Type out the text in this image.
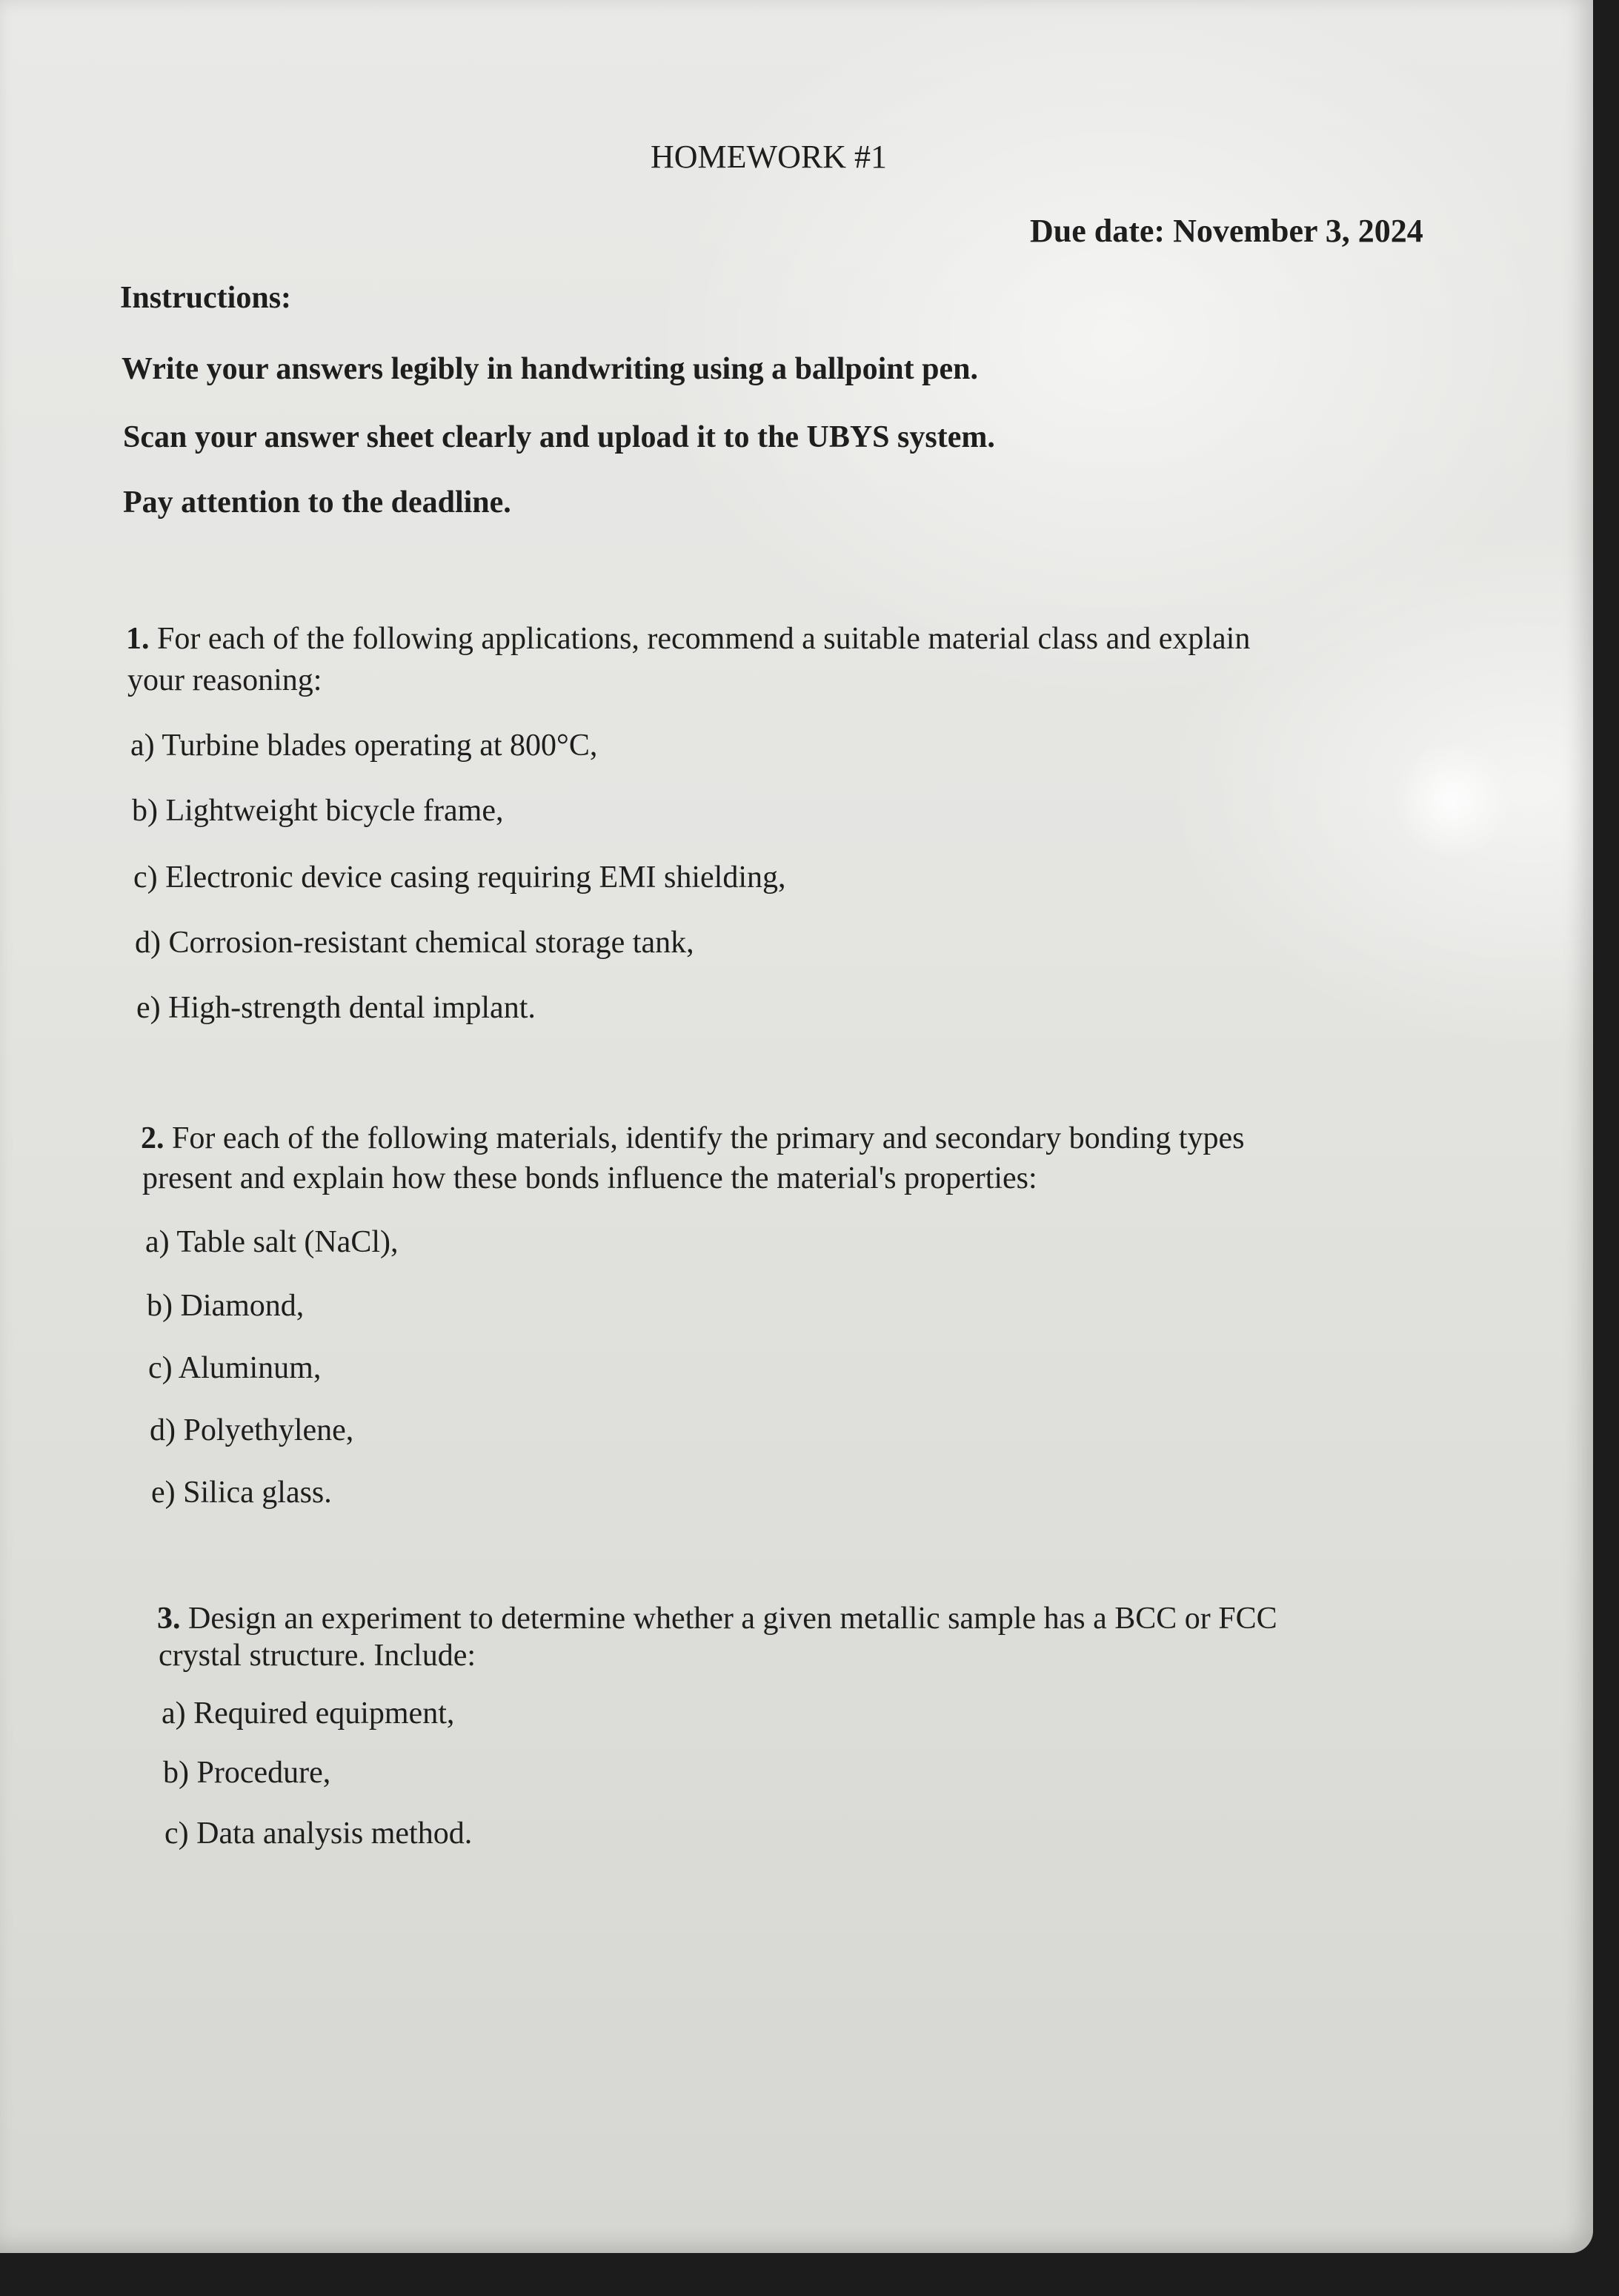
HOMEWORK #1
Due date: November 3, 2024
Instructions:
Write your answers legibly in handwriting using a ballpoint pen.
Scan your answer sheet clearly and upload it to the UBYS system.
Pay attention to the deadline.
1. For each of the following applications, recommend a suitable material class and explain
your reasoning:
a) Turbine blades operating at 800°C,
b) Lightweight bicycle frame,
c) Electronic device casing requiring EMI shielding,
d) Corrosion-resistant chemical storage tank,
e) High-strength dental implant.
2. For each of the following materials, identify the primary and secondary bonding types
present and explain how these bonds influence the material's properties:
a) Table salt (NaCl),
b) Diamond,
c) Aluminum,
d) Polyethylene,
e) Silica glass.
3. Design an experiment to determine whether a given metallic sample has a BCC or FCC
crystal structure. Include:
a) Required equipment,
b) Procedure,
c) Data analysis method.
